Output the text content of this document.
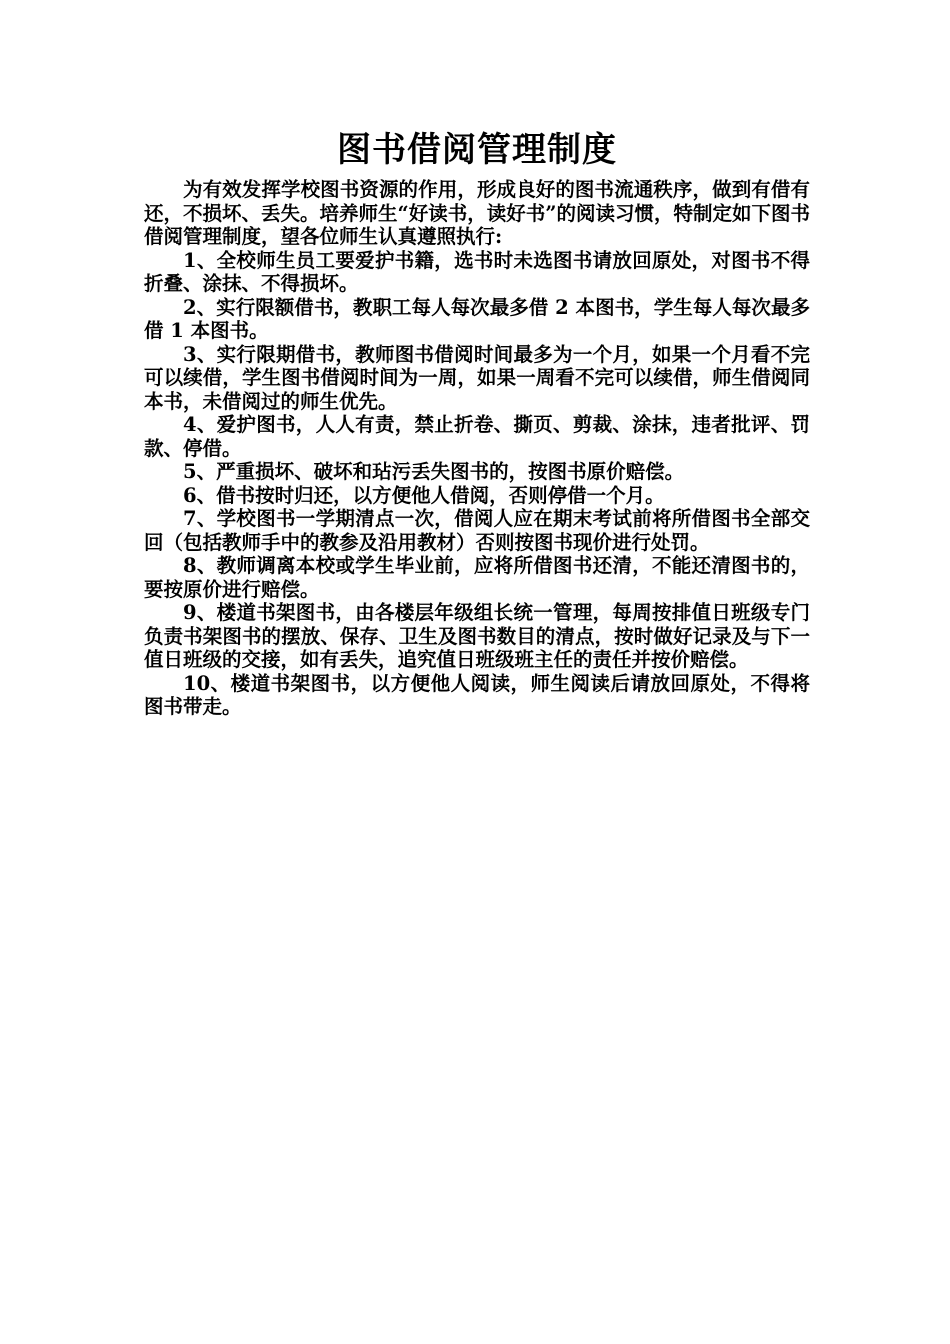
图书借阅管理制度

为有效发挥学校图书资源的作用，形成良好的图书流通秩序，做到有借有还，不损坏、丢失。培养师生“好读书，读好书”的阅读习惯，特制定如下图书借阅管理制度，望各位师生认真遵照执行:

1、全校师生员工要爱护书籍，选书时未选图书请放回原处，对图书不得折叠、涂抹、不得损坏。

2、实行限额借书，教职工每人每次最多借 2 本图书，学生每人每次最多借 1 本图书。

3、实行限期借书，教师图书借阅时间最多为一个月，如果一个月看不完可以续借，学生图书借阅时间为一周，如果一周看不完可以续借，师生借阅同本书，未借阅过的师生优先。

4、爱护图书，人人有责，禁止折卷、撕页、剪裁、涂抹，违者批评、罚款、停借。

5、严重损坏、破坏和玷污丢失图书的，按图书原价赔偿。

6、借书按时归还，以方便他人借阅，否则停借一个月。

7、学校图书一学期清点一次，借阅人应在期末考试前将所借图书全部交回（包括教师手中的教参及沿用教材）否则按图书现价进行处罚。

8、教师调离本校或学生毕业前，应将所借图书还清，不能还清图书的，要按原价进行赔偿。

9、楼道书架图书，由各楼层年级组长统一管理，每周按排值日班级专门负责书架图书的摆放、保存、卫生及图书数目的清点，按时做好记录及与下一值日班级的交接，如有丢失，追究值日班级班主任的责任并按价赔偿。

10、楼道书架图书，以方便他人阅读，师生阅读后请放回原处，不得将图书带走。
